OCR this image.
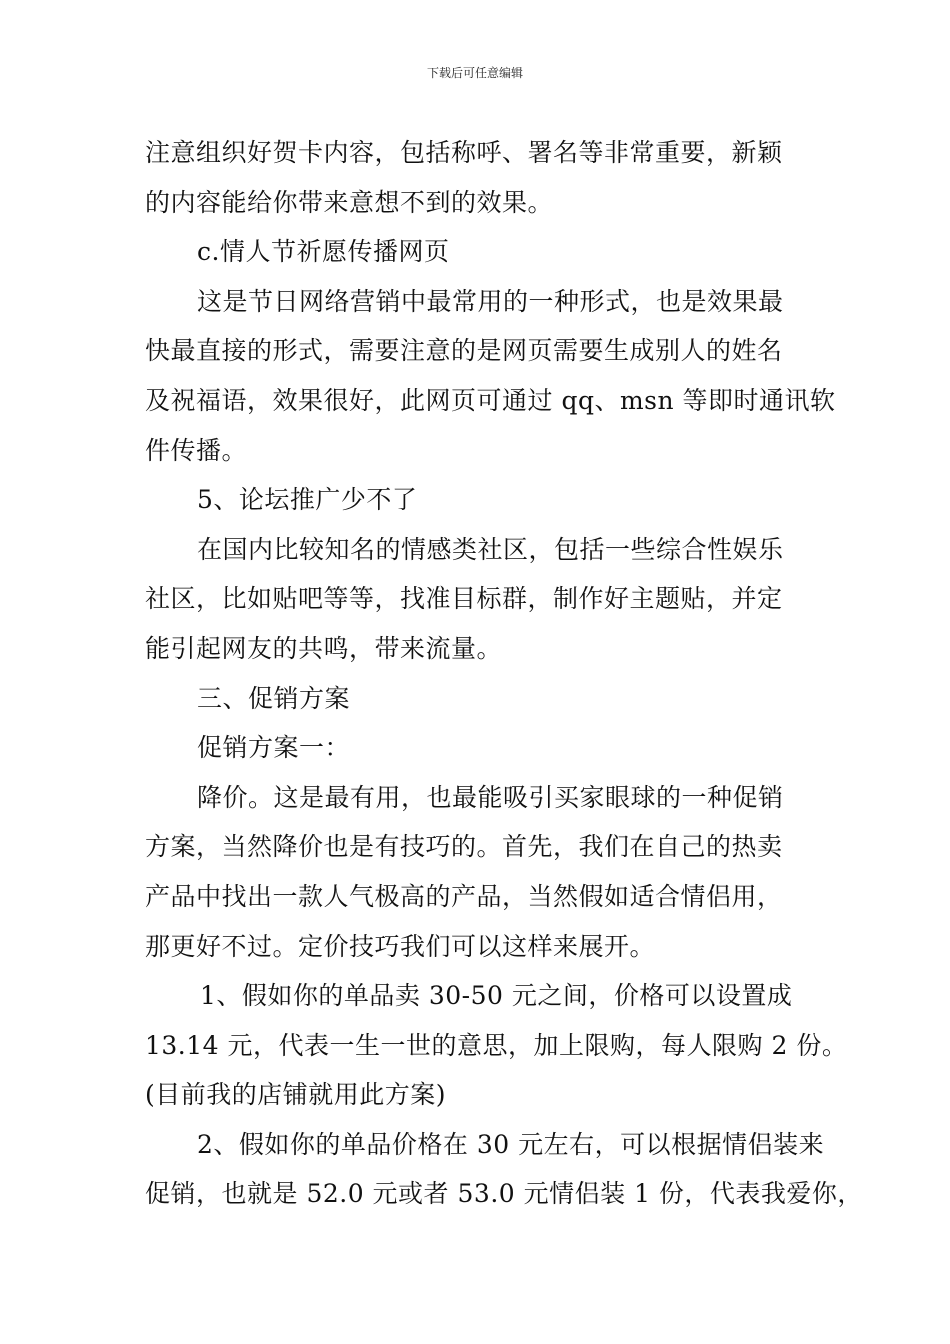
下载后可任意编辑

注意组织好贺卡内容，包括称呼、署名等非常重要，新颖

的内容能给你带来意想不到的效果。

c.情人节祈愿传播网页

这是节日网络营销中最常用的一种形式，也是效果最

快最直接的形式，需要注意的是网页需要生成别人的姓名

及祝福语，效果很好，此网页可通过 qq、msn 等即时通讯软

件传播。

5、论坛推广少不了

在国内比较知名的情感类社区，包括一些综合性娱乐

社区，比如贴吧等等，找准目标群，制作好主题贴，并定

能引起网友的共鸣，带来流量。

三、促销方案

促销方案一：

降价。这是最有用，也最能吸引买家眼球的一种促销

方案，当然降价也是有技巧的。首先，我们在自己的热卖

产品中找出一款人气极高的产品，当然假如适合情侣用，

那更好不过。定价技巧我们可以这样来展开。

1、假如你的单品卖 30-50 元之间，价格可以设置成

13.14 元，代表一生一世的意思，加上限购，每人限购 2 份。

(目前我的店铺就用此方案)

2、假如你的单品价格在 30 元左右，可以根据情侣装来

促销，也就是 52.0 元或者 53.0 元情侣装 1 份，代表我爱你，
